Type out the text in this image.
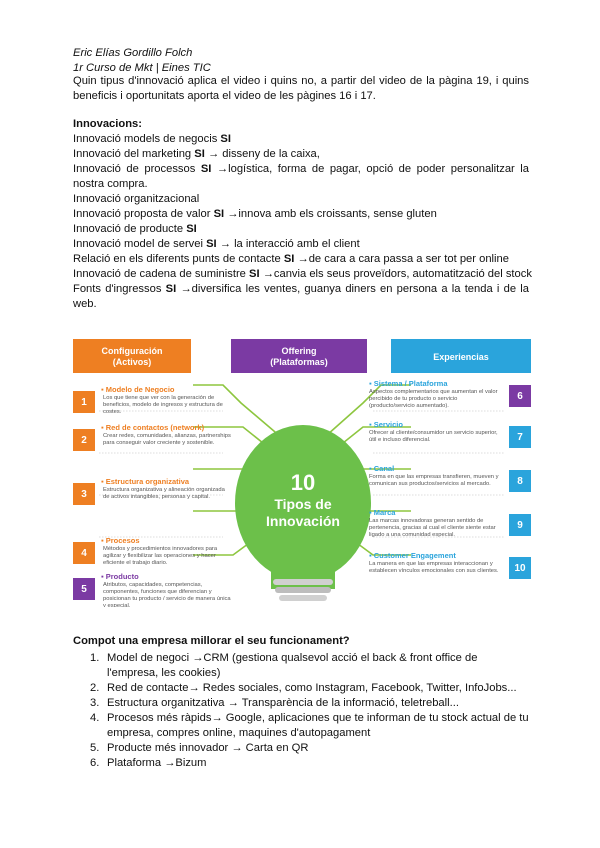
Eric Elías Gordillo Folch
1r Curso de Mkt | Eines TIC
Quin tipus d'innovació aplica el video i quins no, a partir del video de la pàgina 19, i quins beneficis i oportunitats aporta el video de les pàgines 16 i 17.
Innovacions:
Innovació models de negocis SI
Innovació del marketing SI → disseny de la caixa,
Innovació de processos SI →logística, forma de pagar, opció de poder personalitzar la nostra compra.
Innovació organitzacional
Innovació proposta de valor SI →innova amb els croissants, sense gluten
Innovació de producte SI
Innovació model de servei SI → la interacció amb el client
Relació en els diferents punts de contacte SI →de cara a cara passa a ser tot per online
Innovació de cadena de suministre SI →canvia els seus proveïdors, automatització del stock
Fonts d'ingressos SI →diversifica les ventes, guanya diners en persona a la tenda i de la web.
Configuración
(Activos)
Offering
(Plataformas)
Experiencias
10
Tipos de
Innovación
1
▪ Modelo de Negocio
Los que tiene que ver con la generación de beneficios, modelo de ingresos y estructura de costes.
2
▪ Red de contactos (network)
Crear redes, comunidades, alianzas, partnerships para conseguir valor creciente y sostenible.
3
▪ Estructura organizativa
Estructura organizativa y alineación organizada de activos intangibles, personas y capital.
4
▪ Procesos
Métodos y procedimientos innovadores para agilizar y flexibilizar las operaciones y hacer eficiente el trabajo diario.
5
▪ Producto
Atributos, capacidades, competencias, componentes, funciones que diferencian y posicionan tu producto / servicio de manera única y especial.
6
▪ Sistema / Plataforma
Aspectos complementarios que aumentan el valor percibido de tu producto o servicio (producto/servicio aumentado).
7
▪ Servicio
Ofrecer al cliente/consumidor un servicio superior, útil e incluso diferencial.
8
▪ Canal
Forma en que las empresas transfieren, mueven y comunican sus productos/servicios al mercado.
9
▪ Marca
Las marcas innovadoras generan sentido de pertenencia, gracias al cual el cliente siente estar ligado a una comunidad especial.
10
▪ Customer Engagement
La manera en que las empresas interaccionan y establecen vínculos emocionales con sus clientes.
Compot una empresa millorar el seu funcionament?
1. Model de negoci →CRM (gestiona qualsevol acció el back & front office de l'empresa, les cookies)
2. Red de contacte→ Redes sociales, como Instagram, Facebook, Twitter, InfoJobs...
3. Estructura organitzativa → Transparència de la informació, teletreball...
4. Procesos més ràpids→ Google, aplicaciones que te informan de tu stock actual de tu empresa, compres online, maquines d'autopagament
5. Producte més innovador → Carta en QR
6. Plataforma →Bizum
